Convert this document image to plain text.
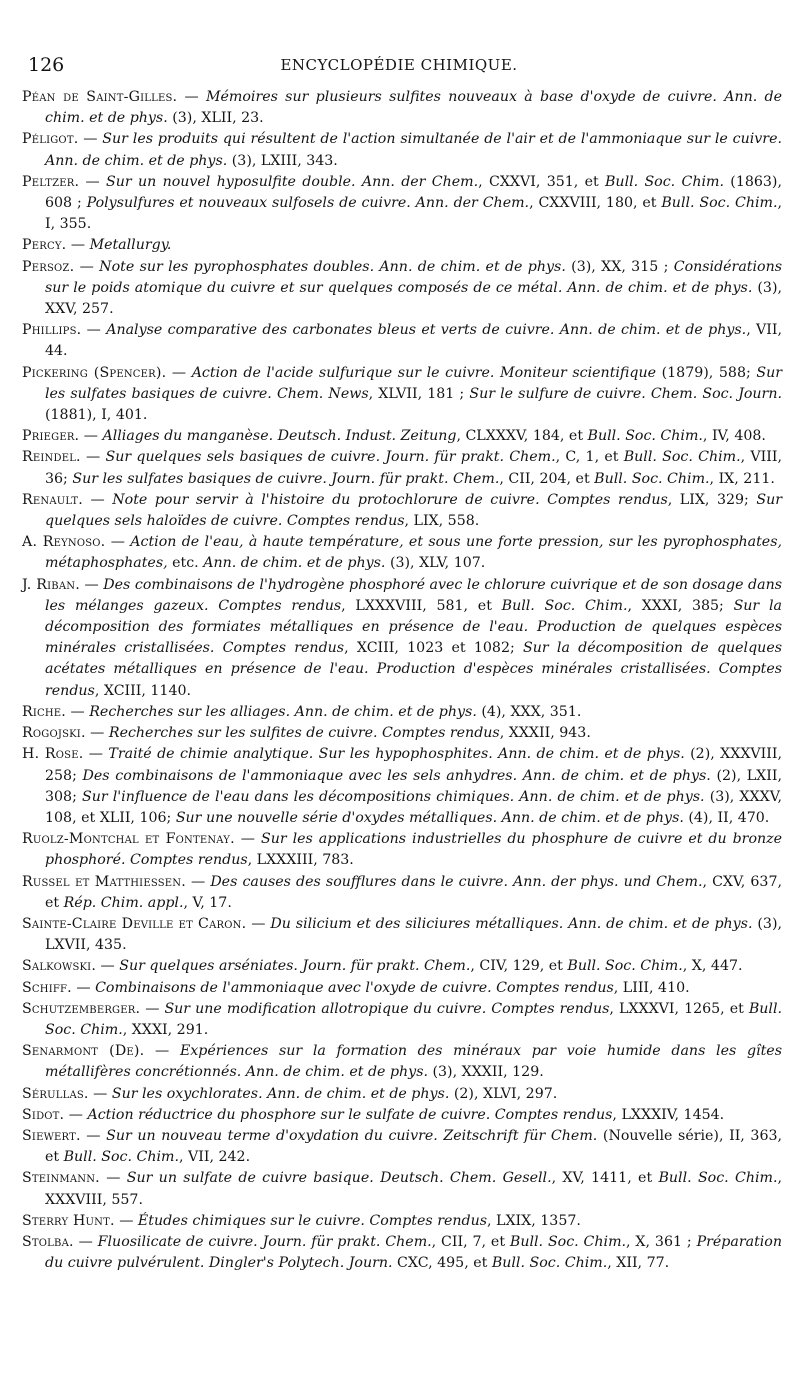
126	ENCYCLOPÉDIE CHIMIQUE.

Péan de Saint-Gilles. — Mémoires sur plusieurs sulfites nouveaux à base d'oxyde de cuivre. Ann. de chim. et de phys. (3), XLII, 23.

Péligot. — Sur les produits qui résultent de l'action simultanée de l'air et de l'ammoniaque sur le cuivre. Ann. de chim. et de phys. (3), LXIII, 343.

Peltzer. — Sur un nouvel hyposulfite double. Ann. der Chem., CXXVI, 351, et Bull. Soc. Chim. (1863), 608 ; Polysulfures et nouveaux sulfosels de cuivre. Ann. der Chem., CXXVIII, 180, et Bull. Soc. Chim., I, 355.

Percy. — Metallurgy.

Persoz. — Note sur les pyrophosphates doubles. Ann. de chim. et de phys. (3), XX, 315 ; Considérations sur le poids atomique du cuivre et sur quelques composés de ce métal. Ann. de chim. et de phys. (3), XXV, 257.

Phillips. — Analyse comparative des carbonates bleus et verts de cuivre. Ann. de chim. et de phys., VII, 44.

Pickering (Spencer). — Action de l'acide sulfurique sur le cuivre. Moniteur scientifique (1879), 588; Sur les sulfates basiques de cuivre. Chem. News, XLVII, 181 ; Sur le sulfure de cuivre. Chem. Soc. Journ. (1881), I, 401.

Prieger. — Alliages du manganèse. Deutsch. Indust. Zeitung, CLXXXV, 184, et Bull. Soc. Chim., IV, 408.

Reindel. — Sur quelques sels basiques de cuivre. Journ. für prakt. Chem., C, 1, et Bull. Soc. Chim., VIII, 36; Sur les sulfates basiques de cuivre. Journ. für prakt. Chem., CII, 204, et Bull. Soc. Chim., IX, 211.

Renault. — Note pour servir à l'histoire du protochlorure de cuivre. Comptes rendus, LIX, 329; Sur quelques sels haloïdes de cuivre. Comptes rendus, LIX, 558.

A. Reynoso. — Action de l'eau, à haute température, et sous une forte pression, sur les pyrophosphates, métaphosphates, etc. Ann. de chim. et de phys. (3), XLV, 107.

J. Riban. — Des combinaisons de l'hydrogène phosphoré avec le chlorure cuivrique et de son dosage dans les mélanges gazeux. Comptes rendus, LXXXVIII, 581, et Bull. Soc. Chim., XXXI, 385; Sur la décomposition des formiates métalliques en présence de l'eau. Production de quelques espèces minérales cristallisées. Comptes rendus, XCIII, 1023 et 1082; Sur la décomposition de quelques acétates métalliques en présence de l'eau. Production d'espèces minérales cristallisées. Comptes rendus, XCIII, 1140.

Riche. — Recherches sur les alliages. Ann. de chim. et de phys. (4), XXX, 351.

Rogojski. — Recherches sur les sulfites de cuivre. Comptes rendus, XXXII, 943.

H. Rose. — Traité de chimie analytique. Sur les hypophosphites. Ann. de chim. et de phys. (2), XXXVIII, 258; Des combinaisons de l'ammoniaque avec les sels anhydres. Ann. de chim. et de phys. (2), LXII, 308; Sur l'influence de l'eau dans les décompositions chimiques. Ann. de chim. et de phys. (3), XXXV, 108, et XLII, 106; Sur une nouvelle série d'oxydes métalliques. Ann. de chim. et de phys. (4), II, 470.

Ruolz-Montchal et Fontenay. — Sur les applications industrielles du phosphure de cuivre et du bronze phosphoré. Comptes rendus, LXXXIII, 783.

Russel et Matthiessen. — Des causes des soufflures dans le cuivre. Ann. der phys. und Chem., CXV, 637, et Rép. Chim. appl., V, 17.

Sainte-Claire Deville et Caron. — Du silicium et des siliciures métalliques. Ann. de chim. et de phys. (3), LXVII, 435.

Salkowski. — Sur quelques arséniates. Journ. für prakt. Chem., CIV, 129, et Bull. Soc. Chim., X, 447.

Schiff. — Combinaisons de l'ammoniaque avec l'oxyde de cuivre. Comptes rendus, LIII, 410.

Schutzemberger. — Sur une modification allotropique du cuivre. Comptes rendus, LXXXVI, 1265, et Bull. Soc. Chim., XXXI, 291.

Senarmont (De). — Expériences sur la formation des minéraux par voie humide dans les gîtes métallifères concrétionnés. Ann. de chim. et de phys. (3), XXXII, 129.

Sérullas. — Sur les oxychlorates. Ann. de chim. et de phys. (2), XLVI, 297.

Sidot. — Action réductrice du phosphore sur le sulfate de cuivre. Comptes rendus, LXXXIV, 1454.

Siewert. — Sur un nouveau terme d'oxydation du cuivre. Zeitschrift für Chem. (Nouvelle série), II, 363, et Bull. Soc. Chim., VII, 242.

Steinmann. — Sur un sulfate de cuivre basique. Deutsch. Chem. Gesell., XV, 1411, et Bull. Soc. Chim., XXXVIII, 557.

Sterry Hunt. — Études chimiques sur le cuivre. Comptes rendus, LXIX, 1357.

Stolba. — Fluosilicate de cuivre. Journ. für prakt. Chem., CII, 7, et Bull. Soc. Chim., X, 361 ; Préparation du cuivre pulvérulent. Dingler's Polytech. Journ. CXC, 495, et Bull. Soc. Chim., XII, 77.
